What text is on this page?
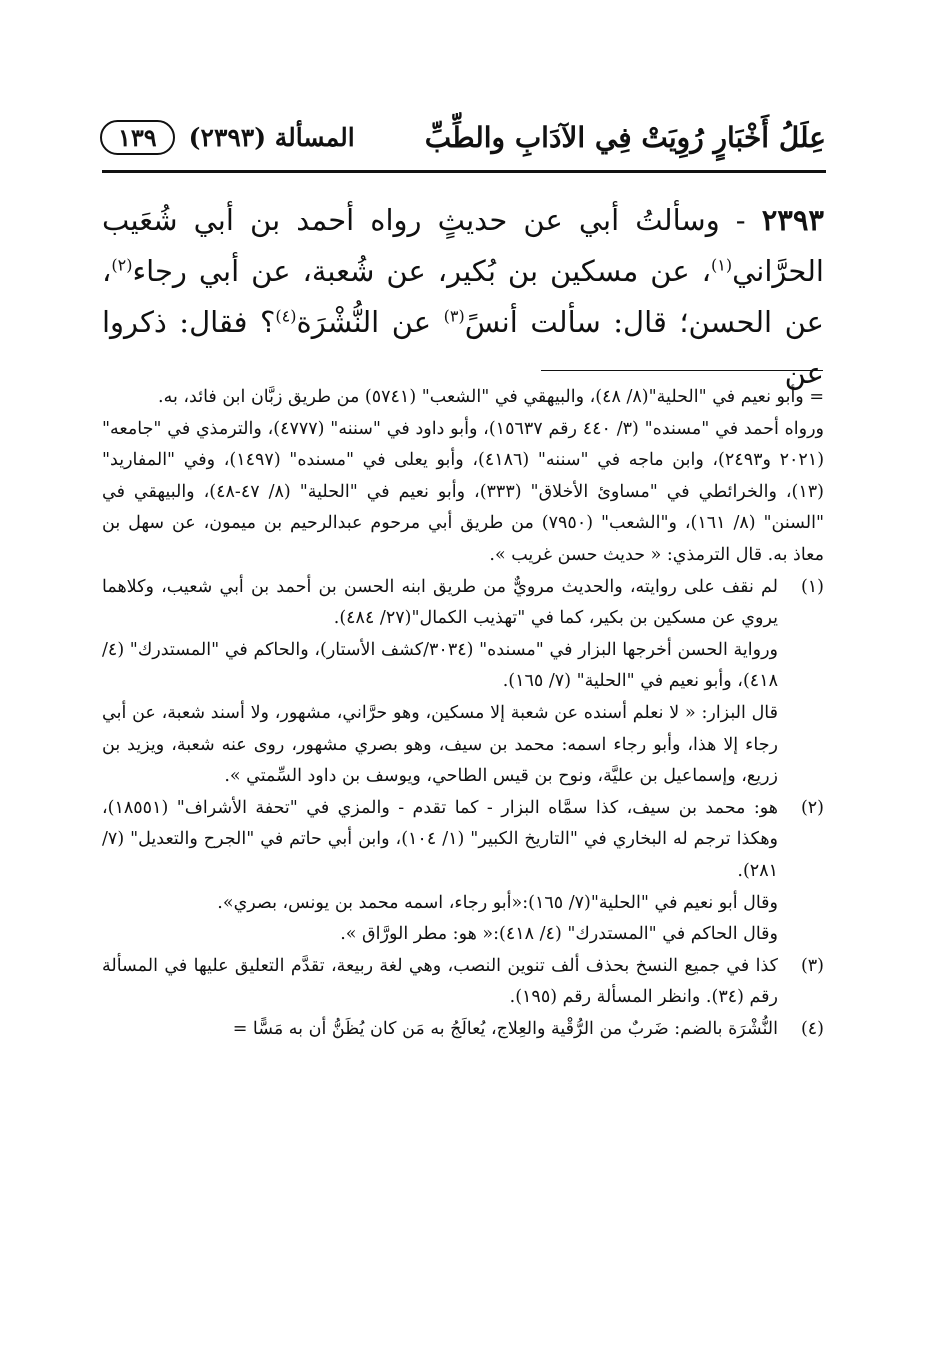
عِلَلُ أَخْبَارٍ رُوِيَتْ فِي الآدَابِ والطِّبِّ
المسألة (٢٣٩٣)
١٣٩

٢٣٩٣ - وسألتُ أبي عن حديثٍ رواه أحمد بن أبي شُعَيب الحرَّاني$^{(١)}$، عن مسكين بن بُكير، عن شُعبة، عن أبي رجاء$^{(٢)}$، عن الحسن؛ قال: سألت أنسً$^{(٣)}$ عن النُّشْرَة$^{(٤)}$؟ فقال: ذكروا عن

= وأبو نعيم في "الحلية"(٨/ ٤٨)، والبيهقي في "الشعب" (٥٧٤١) من طريق زبَّان ابن فائد، به.

ورواه أحمد في "مسنده" (٣/ ٤٤٠ رقم ١٥٦٣٧)، وأبو داود في "سننه" (٤٧٧٧)، والترمذي في "جامعه" (٢٠٢١ و٢٤٩٣)، وابن ماجه في "سننه" (٤١٨٦)، وأبو يعلى في "مسنده" (١٤٩٧)، وفي "المفاريد" (١٣)، والخرائطي في "مساوئ الأخلاق" (٣٣٣)، وأبو نعيم في "الحلية" (٨/ ٤٧-٤٨)، والبيهقي في "السنن" (٨/ ١٦١)، و"الشعب" (٧٩٥٠) من طريق أبي مرحوم عبدالرحيم بن ميمون، عن سهل بن معاذ به. قال الترمذي: « حديث حسن غريب ».

(١)

لم نقف على روايته، والحديث مرويٌّ من طريق ابنه الحسن بن أحمد بن أبي شعيب، وكلاهما يروي عن مسكين بن بكير، كما في "تهذيب الكمال"(٢٧/ ٤٨٤).

ورواية الحسن أخرجها البزار في "مسنده" (٣٠٣٤/كشف الأستار)، والحاكم في "المستدرك" (٤/ ٤١٨)، وأبو نعيم في "الحلية" (٧/ ١٦٥).

قال البزار: « لا نعلم أسنده عن شعبة إلا مسكين، وهو حرَّاني، مشهور، ولا أسند شعبة، عن أبي رجاء إلا هذا، وأبو رجاء اسمه: محمد بن سيف، وهو بصري مشهور، روى عنه شعبة، ويزيد بن زريع، وإسماعيل بن عليَّة، ونوح بن قيس الطاحي، ويوسف بن داود السِّمتي ».

(٢)

هو: محمد بن سيف، كذا سمَّاه البزار - كما تقدم - والمزي في "تحفة الأشراف" (١٨٥٥١)، وهكذا ترجم له البخاري في "التاريخ الكبير" (١/ ١٠٤)، وابن أبي حاتم في "الجرح والتعديل" (٧/ ٢٨١).

وقال أبو نعيم في "الحلية"(٧/ ١٦٥):«أبو رجاء، اسمه محمد بن يونس، بصري».

وقال الحاكم في "المستدرك" (٤/ ٤١٨):« هو: مطر الورَّاق ».

(٣)

كذا في جميع النسخ بحذف ألف تنوين النصب، وهي لغة ربيعة، تقدَّم التعليق عليها في المسألة رقم (٣٤). وانظر المسألة رقم (١٩٥).

(٤)

النُّشْرَة بالضم: ضَربٌ من الرُّقْية والعِلاج، يُعالَجُ به مَن كان يُظَنُّ أن به مَسًّا =
